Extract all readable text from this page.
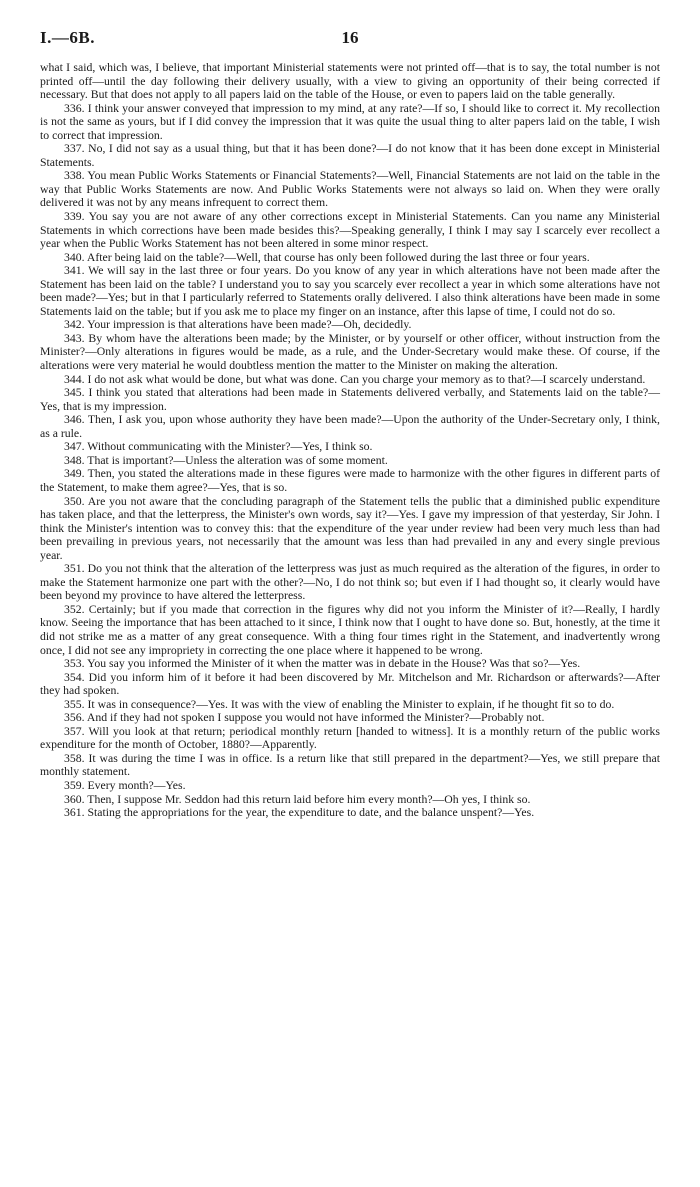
I.—6B.	16

what I said, which was, I believe, that important Ministerial statements were not printed off—that is to say, the total number is not printed off—until the day following their delivery usually, with a view to giving an opportunity of their being corrected if necessary. But that does not apply to all papers laid on the table of the House, or even to papers laid on the table generally.

336. I think your answer conveyed that impression to my mind, at any rate?—If so, I should like to correct it. My recollection is not the same as yours, but if I did convey the impression that it was quite the usual thing to alter papers laid on the table, I wish to correct that impression.

337. No, I did not say as a usual thing, but that it has been done?—I do not know that it has been done except in Ministerial Statements.

338. You mean Public Works Statements or Financial Statements?—Well, Financial Statements are not laid on the table in the way that Public Works Statements are now. And Public Works Statements were not always so laid on. When they were orally delivered it was not by any means infrequent to correct them.

339. You say you are not aware of any other corrections except in Ministerial Statements. Can you name any Ministerial Statements in which corrections have been made besides this?—Speaking generally, I think I may say I scarcely ever recollect a year when the Public Works Statement has not been altered in some minor respect.

340. After being laid on the table?—Well, that course has only been followed during the last three or four years.

341. We will say in the last three or four years. Do you know of any year in which alterations have not been made after the Statement has been laid on the table? I understand you to say you scarcely ever recollect a year in which some alterations have not been made?—Yes; but in that I particularly referred to Statements orally delivered. I also think alterations have been made in some Statements laid on the table; but if you ask me to place my finger on an instance, after this lapse of time, I could not do so.

342. Your impression is that alterations have been made?—Oh, decidedly.

343. By whom have the alterations been made; by the Minister, or by yourself or other officer, without instruction from the Minister?—Only alterations in figures would be made, as a rule, and the Under-Secretary would make these. Of course, if the alterations were very material he would doubtless mention the matter to the Minister on making the alteration.

344. I do not ask what would be done, but what was done. Can you charge your memory as to that?—I scarcely understand.

345. I think you stated that alterations had been made in Statements delivered verbally, and Statements laid on the table?—Yes, that is my impression.

346. Then, I ask you, upon whose authority they have been made?—Upon the authority of the Under-Secretary only, I think, as a rule.

347. Without communicating with the Minister?—Yes, I think so.

348. That is important?—Unless the alteration was of some moment.

349. Then, you stated the alterations made in these figures were made to harmonize with the other figures in different parts of the Statement, to make them agree?—Yes, that is so.

350. Are you not aware that the concluding paragraph of the Statement tells the public that a diminished public expenditure has taken place, and that the letterpress, the Minister's own words, say it?—Yes. I gave my impression of that yesterday, Sir John. I think the Minister's intention was to convey this: that the expenditure of the year under review had been very much less than had been prevailing in previous years, not necessarily that the amount was less than had prevailed in any and every single previous year.

351. Do you not think that the alteration of the letterpress was just as much required as the alteration of the figures, in order to make the Statement harmonize one part with the other?—No, I do not think so; but even if I had thought so, it clearly would have been beyond my province to have altered the letterpress.

352. Certainly; but if you made that correction in the figures why did not you inform the Minister of it?—Really, I hardly know. Seeing the importance that has been attached to it since, I think now that I ought to have done so. But, honestly, at the time it did not strike me as a matter of any great consequence. With a thing four times right in the Statement, and inadvertently wrong once, I did not see any impropriety in correcting the one place where it happened to be wrong.

353. You say you informed the Minister of it when the matter was in debate in the House? Was that so?—Yes.

354. Did you inform him of it before it had been discovered by Mr. Mitchelson and Mr. Richardson or afterwards?—After they had spoken.

355. It was in consequence?—Yes. It was with the view of enabling the Minister to explain, if he thought fit so to do.

356. And if they had not spoken I suppose you would not have informed the Minister?—Probably not.

357. Will you look at that return; periodical monthly return [handed to witness]. It is a monthly return of the public works expenditure for the month of October, 1880?—Apparently.

358. It was during the time I was in office. Is a return like that still prepared in the department?—Yes, we still prepare that monthly statement.

359. Every month?—Yes.

360. Then, I suppose Mr. Seddon had this return laid before him every month?—Oh yes, I think so.

361. Stating the appropriations for the year, the expenditure to date, and the balance unspent?—Yes.
